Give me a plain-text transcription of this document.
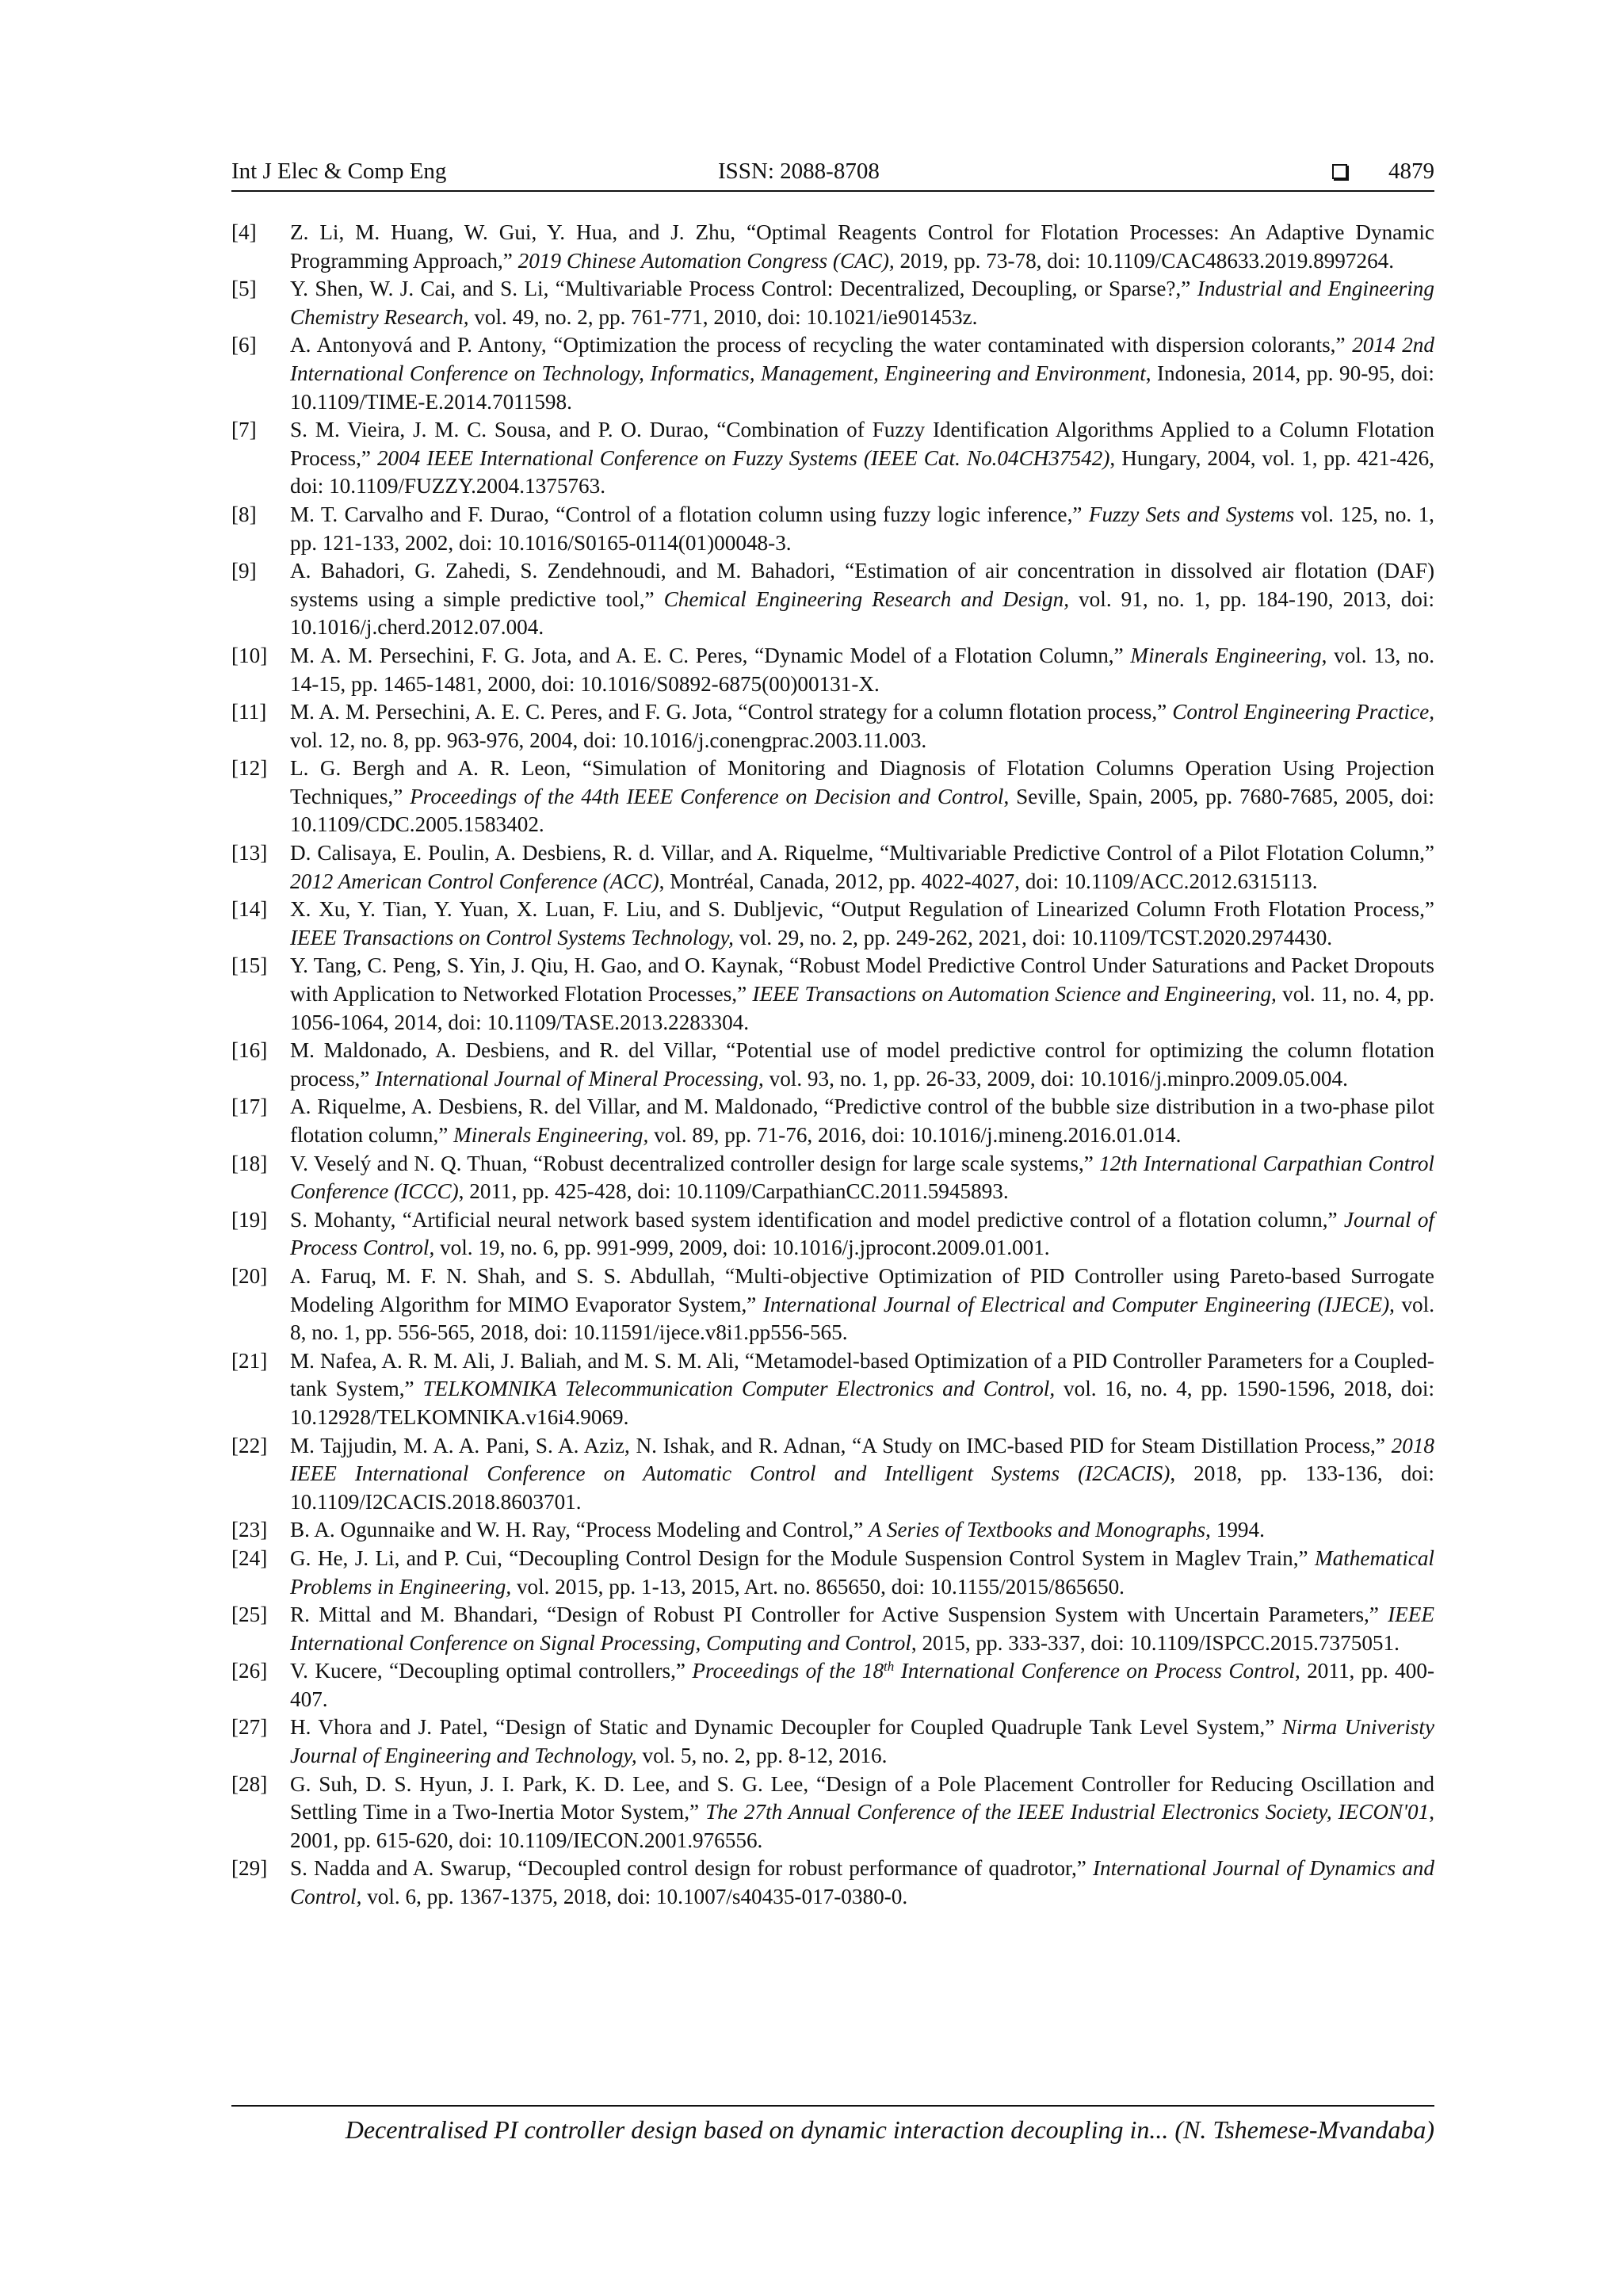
Int J Elec & Comp Eng	ISSN: 2088-8708	4879
[4] Z. Li, M. Huang, W. Gui, Y. Hua, and J. Zhu, “Optimal Reagents Control for Flotation Processes: An Adaptive Dynamic Programming Approach,” 2019 Chinese Automation Congress (CAC), 2019, pp. 73-78, doi: 10.1109/CAC48633.2019.8997264.
[5] Y. Shen, W. J. Cai, and S. Li, “Multivariable Process Control: Decentralized, Decoupling, or Sparse?,” Industrial and Engineering Chemistry Research, vol. 49, no. 2, pp. 761-771, 2010, doi: 10.1021/ie901453z.
[6] A. Antonyová and P. Antony, “Optimization the process of recycling the water contaminated with dispersion colorants,” 2014 2nd International Conference on Technology, Informatics, Management, Engineering and Environment, Indonesia, 2014, pp. 90-95, doi: 10.1109/TIME-E.2014.7011598.
[7] S. M. Vieira, J. M. C. Sousa, and P. O. Durao, “Combination of Fuzzy Identification Algorithms Applied to a Column Flotation Process,” 2004 IEEE International Conference on Fuzzy Systems (IEEE Cat. No.04CH37542), Hungary, 2004, vol. 1, pp. 421-426, doi: 10.1109/FUZZY.2004.1375763.
[8] M. T. Carvalho and F. Durao, “Control of a flotation column using fuzzy logic inference,” Fuzzy Sets and Systems vol. 125, no. 1, pp. 121-133, 2002, doi: 10.1016/S0165-0114(01)00048-3.
[9] A. Bahadori, G. Zahedi, S. Zendehnoudi, and M. Bahadori, “Estimation of air concentration in dissolved air flotation (DAF) systems using a simple predictive tool,” Chemical Engineering Research and Design, vol. 91, no. 1, pp. 184-190, 2013, doi: 10.1016/j.cherd.2012.07.004.
[10] M. A. M. Persechini, F. G. Jota, and A. E. C. Peres, “Dynamic Model of a Flotation Column,” Minerals Engineering, vol. 13, no. 14-15, pp. 1465-1481, 2000, doi: 10.1016/S0892-6875(00)00131-X.
[11] M. A. M. Persechini, A. E. C. Peres, and F. G. Jota, “Control strategy for a column flotation process,” Control Engineering Practice, vol. 12, no. 8, pp. 963-976, 2004, doi: 10.1016/j.conengprac.2003.11.003.
[12] L. G. Bergh and A. R. Leon, “Simulation of Monitoring and Diagnosis of Flotation Columns Operation Using Projection Techniques,” Proceedings of the 44th IEEE Conference on Decision and Control, Seville, Spain, 2005, pp. 7680-7685, 2005, doi: 10.1109/CDC.2005.1583402.
[13] D. Calisaya, E. Poulin, A. Desbiens, R. d. Villar, and A. Riquelme, “Multivariable Predictive Control of a Pilot Flotation Column,” 2012 American Control Conference (ACC), Montréal, Canada, 2012, pp. 4022-4027, doi: 10.1109/ACC.2012.6315113.
[14] X. Xu, Y. Tian, Y. Yuan, X. Luan, F. Liu, and S. Dubljevic, “Output Regulation of Linearized Column Froth Flotation Process,” IEEE Transactions on Control Systems Technology, vol. 29, no. 2, pp. 249-262, 2021, doi: 10.1109/TCST.2020.2974430.
[15] Y. Tang, C. Peng, S. Yin, J. Qiu, H. Gao, and O. Kaynak, “Robust Model Predictive Control Under Saturations and Packet Dropouts with Application to Networked Flotation Processes,” IEEE Transactions on Automation Science and Engineering, vol. 11, no. 4, pp. 1056-1064, 2014, doi: 10.1109/TASE.2013.2283304.
[16] M. Maldonado, A. Desbiens, and R. del Villar, “Potential use of model predictive control for optimizing the column flotation process,” International Journal of Mineral Processing, vol. 93, no. 1, pp. 26-33, 2009, doi: 10.1016/j.minpro.2009.05.004.
[17] A. Riquelme, A. Desbiens, R. del Villar, and M. Maldonado, “Predictive control of the bubble size distribution in a two-phase pilot flotation column,” Minerals Engineering, vol. 89, pp. 71-76, 2016, doi: 10.1016/j.mineng.2016.01.014.
[18] V. Veselý and N. Q. Thuan, “Robust decentralized controller design for large scale systems,” 12th International Carpathian Control Conference (ICCC), 2011, pp. 425-428, doi: 10.1109/CarpathianCC.2011.5945893.
[19] S. Mohanty, “Artificial neural network based system identification and model predictive control of a flotation column,” Journal of Process Control, vol. 19, no. 6, pp. 991-999, 2009, doi: 10.1016/j.jprocont.2009.01.001.
[20] A. Faruq, M. F. N. Shah, and S. S. Abdullah, “Multi-objective Optimization of PID Controller using Pareto-based Surrogate Modeling Algorithm for MIMO Evaporator System,” International Journal of Electrical and Computer Engineering (IJECE), vol. 8, no. 1, pp. 556-565, 2018, doi: 10.11591/ijece.v8i1.pp556-565.
[21] M. Nafea, A. R. M. Ali, J. Baliah, and M. S. M. Ali, “Metamodel-based Optimization of a PID Controller Parameters for a Coupled-tank System,” TELKOMNIKA Telecommunication Computer Electronics and Control, vol. 16, no. 4, pp. 1590-1596, 2018, doi: 10.12928/TELKOMNIKA.v16i4.9069.
[22] M. Tajjudin, M. A. A. Pani, S. A. Aziz, N. Ishak, and R. Adnan, “A Study on IMC-based PID for Steam Distillation Process,” 2018 IEEE International Conference on Automatic Control and Intelligent Systems (I2CACIS), 2018, pp. 133-136, doi: 10.1109/I2CACIS.2018.8603701.
[23] B. A. Ogunnaike and W. H. Ray, “Process Modeling and Control,” A Series of Textbooks and Monographs, 1994.
[24] G. He, J. Li, and P. Cui, “Decoupling Control Design for the Module Suspension Control System in Maglev Train,” Mathematical Problems in Engineering, vol. 2015, pp. 1-13, 2015, Art. no. 865650, doi: 10.1155/2015/865650.
[25] R. Mittal and M. Bhandari, “Design of Robust PI Controller for Active Suspension System with Uncertain Parameters,” IEEE International Conference on Signal Processing, Computing and Control, 2015, pp. 333-337, doi: 10.1109/ISPCC.2015.7375051.
[26] V. Kucere, “Decoupling optimal controllers,” Proceedings of the 18th International Conference on Process Control, 2011, pp. 400-407.
[27] H. Vhora and J. Patel, “Design of Static and Dynamic Decoupler for Coupled Quadruple Tank Level System,” Nirma Univeristy Journal of Engineering and Technology, vol. 5, no. 2, pp. 8-12, 2016.
[28] G. Suh, D. S. Hyun, J. I. Park, K. D. Lee, and S. G. Lee, “Design of a Pole Placement Controller for Reducing Oscillation and Settling Time in a Two-Inertia Motor System,” The 27th Annual Conference of the IEEE Industrial Electronics Society, IECON'01, 2001, pp. 615-620, doi: 10.1109/IECON.2001.976556.
[29] S. Nadda and A. Swarup, “Decoupled control design for robust performance of quadrotor,” International Journal of Dynamics and Control, vol. 6, pp. 1367-1375, 2018, doi: 10.1007/s40435-017-0380-0.
Decentralised PI controller design based on dynamic interaction decoupling in... (N. Tshemese-Mvandaba)
